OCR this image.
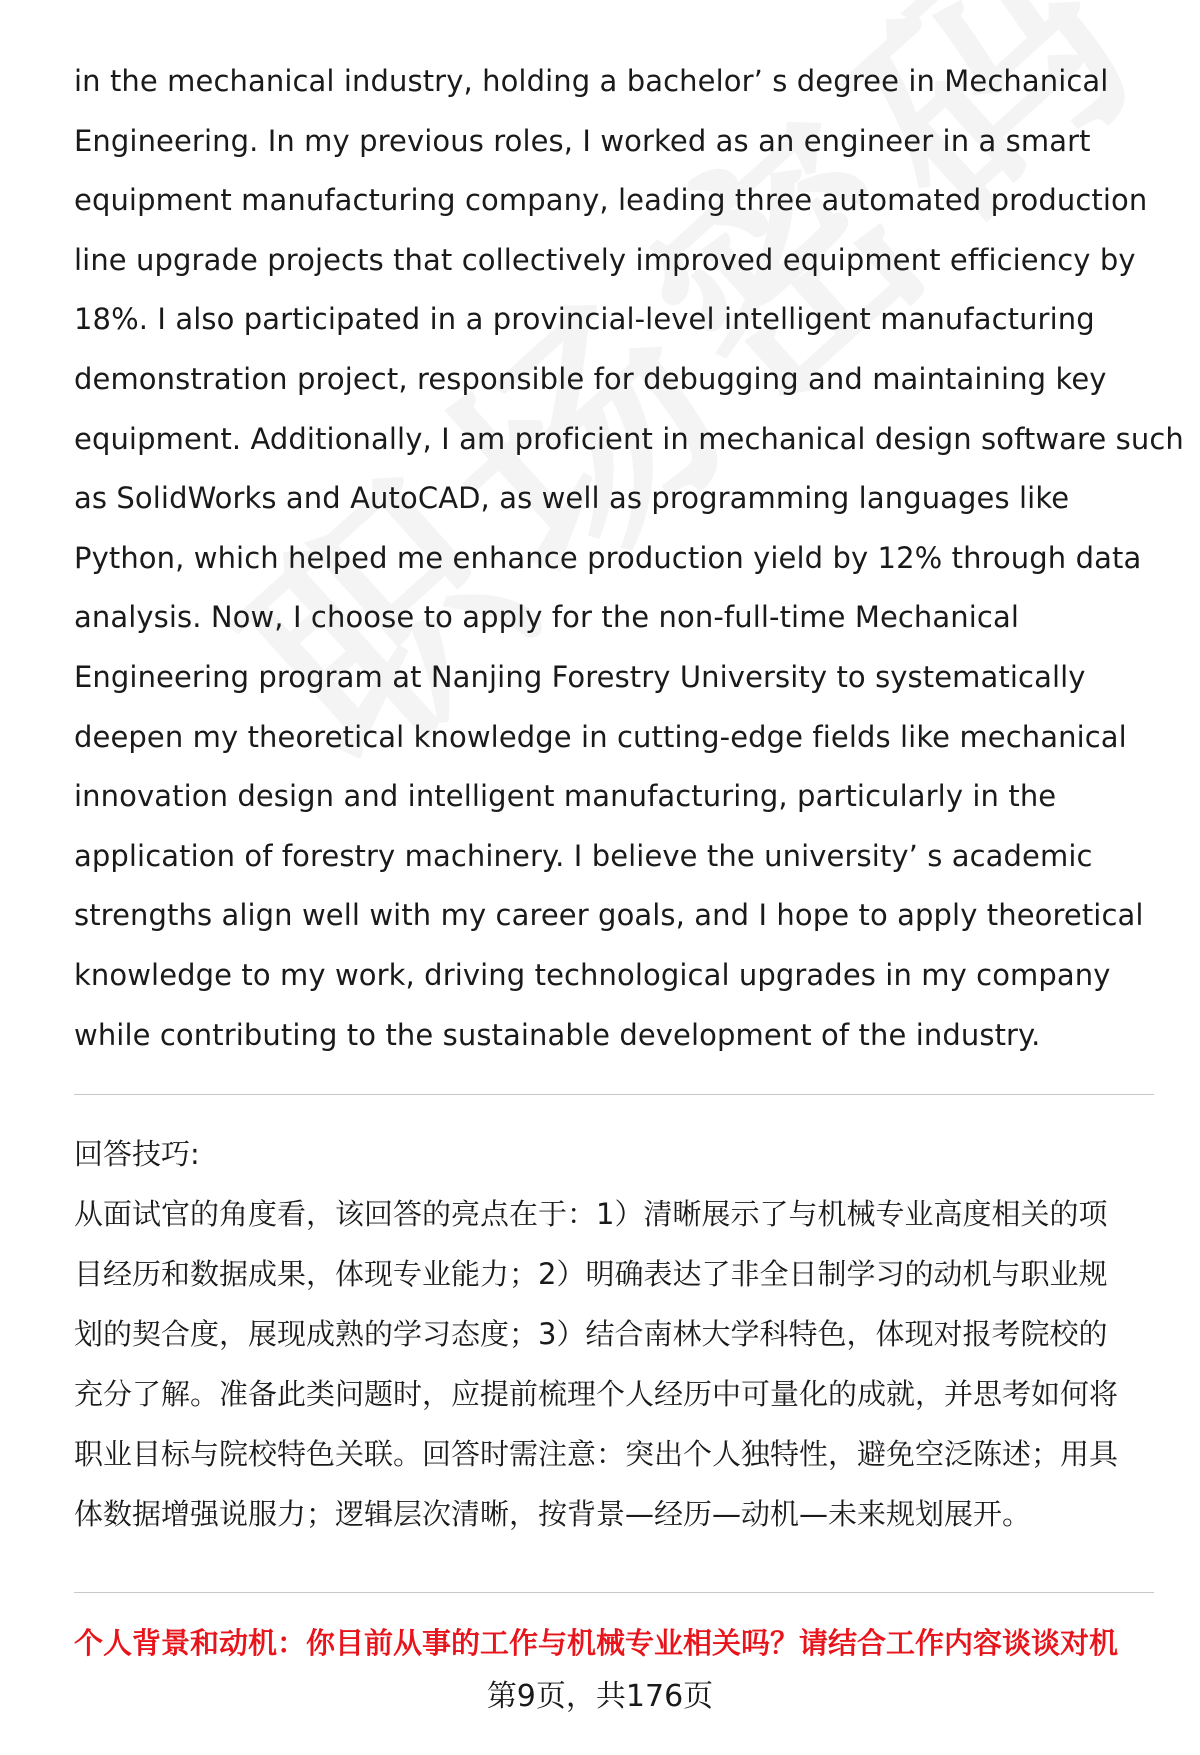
in the mechanical industry, holding a bachelor’ s degree in Mechanical
Engineering. In my previous roles, I worked as an engineer in a smart
equipment manufacturing company, leading three automated production
line upgrade projects that collectively improved equipment efficiency by
18%. I also participated in a provincial-level intelligent manufacturing
demonstration project, responsible for debugging and maintaining key
equipment. Additionally, I am proficient in mechanical design software such
as SolidWorks and AutoCAD, as well as programming languages like
Python, which helped me enhance production yield by 12% through data
analysis. Now, I choose to apply for the non-full-time Mechanical
Engineering program at Nanjing Forestry University to systematically
deepen my theoretical knowledge in cutting-edge fields like mechanical
innovation design and intelligent manufacturing, particularly in the
application of forestry machinery. I believe the university’ s academic
strengths align well with my career goals, and I hope to apply theoretical
knowledge to my work, driving technological upgrades in my company
while contributing to the sustainable development of the industry.

回答技巧:

从面试官的角度看，该回答的亮点在于：1）清晰展示了与机械专业高度相关的项
目经历和数据成果，体现专业能力；2）明确表达了非全日制学习的动机与职业规
划的契合度，展现成熟的学习态度；3）结合南林大学科特色，体现对报考院校的
充分了解。准备此类问题时，应提前梳理个人经历中可量化的成就，并思考如何将
职业目标与院校特色关联。回答时需注意：突出个人独特性，避免空泛陈述；用具
体数据增强说服力；逻辑层次清晰，按背景—经历—动机—未来规划展开。

个人背景和动机：你目前从事的工作与机械专业相关吗？请结合工作内容谈谈对机

第9页，共176页
